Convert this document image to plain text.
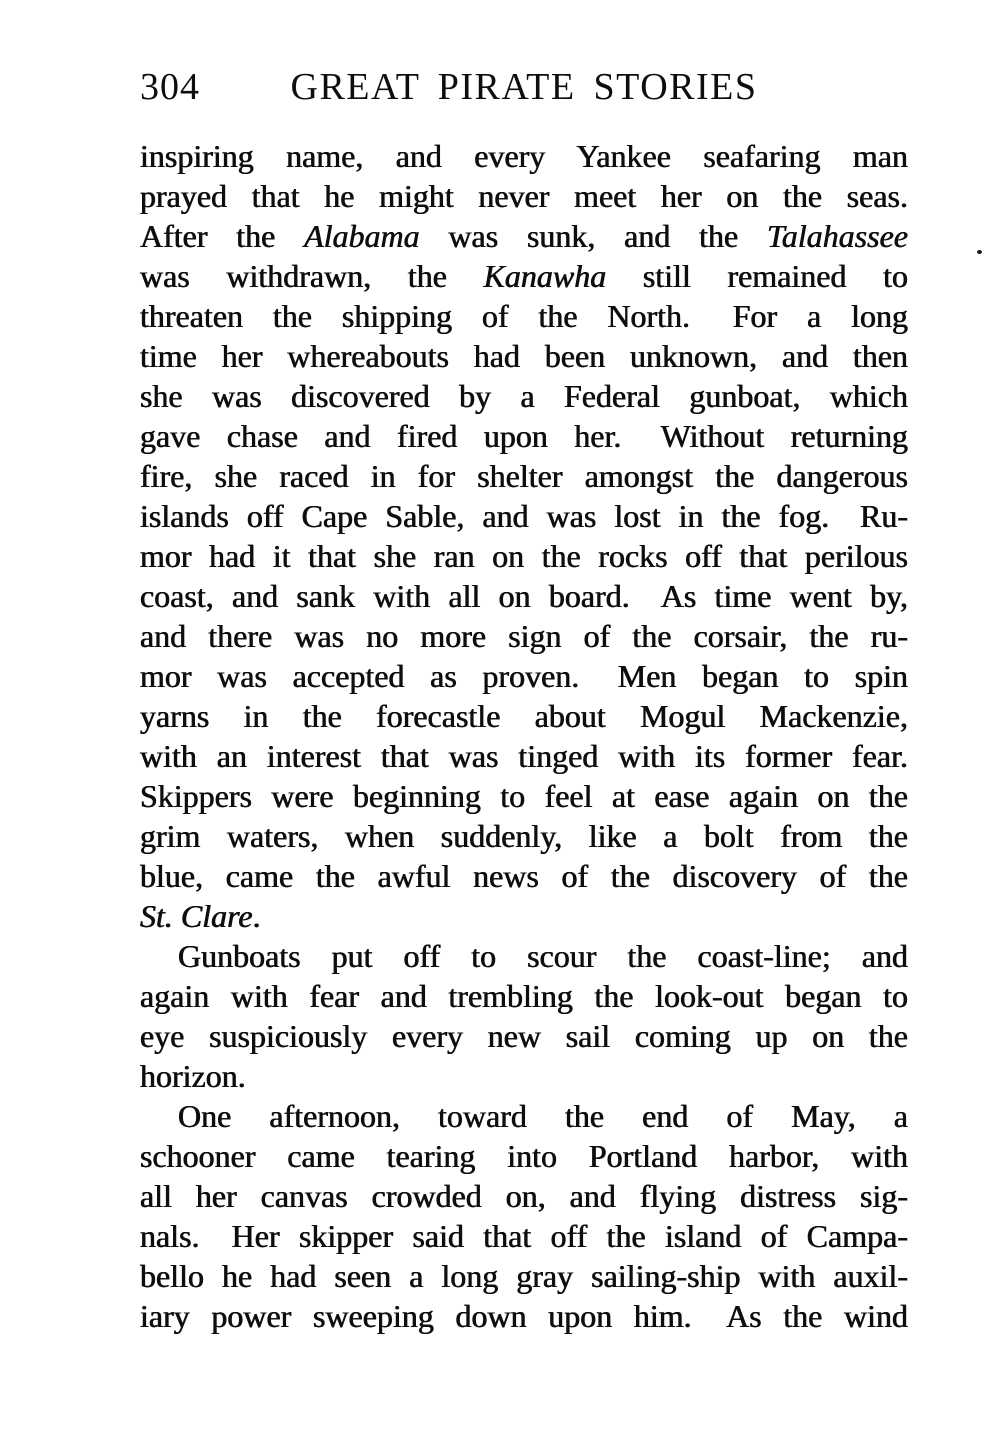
304	GREAT PIRATE STORIES
inspiring name, and every Yankee seafaring man
prayed that he might never meet her on the seas.
After the Alabama was sunk, and the Talahassee
was withdrawn, the Kanawha still remained to
threaten the shipping of the North. For a long
time her whereabouts had been unknown, and then
she was discovered by a Federal gunboat, which
gave chase and fired upon her. Without returning
fire, she raced in for shelter amongst the dangerous
islands off Cape Sable, and was lost in the fog. Ru-
mor had it that she ran on the rocks off that perilous
coast, and sank with all on board. As time went by,
and there was no more sign of the corsair, the ru-
mor was accepted as proven. Men began to spin
yarns in the forecastle about Mogul Mackenzie,
with an interest that was tinged with its former fear.
Skippers were beginning to feel at ease again on the
grim waters, when suddenly, like a bolt from the
blue, came the awful news of the discovery of the
St. Clare.
Gunboats put off to scour the coast-line; and
again with fear and trembling the look-out began to
eye suspiciously every new sail coming up on the
horizon.
One afternoon, toward the end of May, a
schooner came tearing into Portland harbor, with
all her canvas crowded on, and flying distress sig-
nals. Her skipper said that off the island of Campa-
bello he had seen a long gray sailing-ship with auxil-
iary power sweeping down upon him. As the wind
